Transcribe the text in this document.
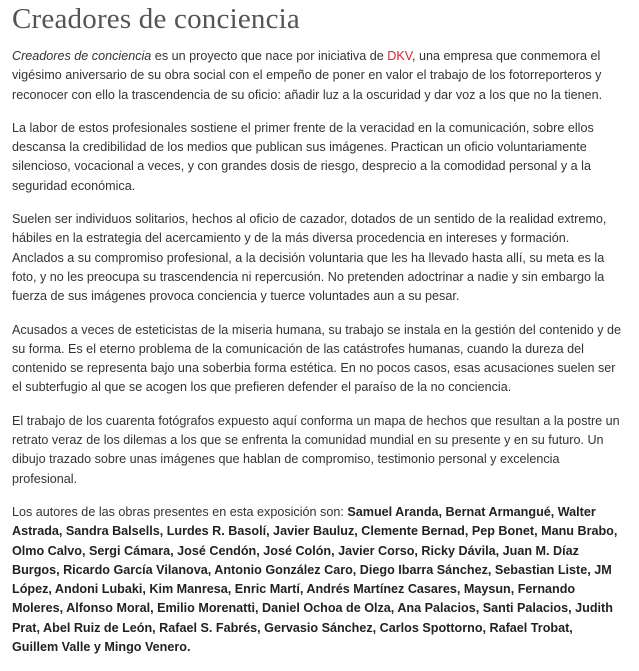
Creadores de conciencia

Creadores de conciencia es un proyecto que nace por iniciativa de DKV, una empresa que conmemora el vigésimo aniversario de su obra social con el empeño de poner en valor el trabajo de los fotorreporteros y reconocer con ello la trascendencia de su oficio: añadir luz a la oscuridad y dar voz a los que no la tienen.

La labor de estos profesionales sostiene el primer frente de la veracidad en la comunicación, sobre ellos descansa la credibilidad de los medios que publican sus imágenes. Practican un oficio voluntariamente silencioso, vocacional a veces, y con grandes dosis de riesgo, desprecio a la comodidad personal y a la seguridad económica.

Suelen ser individuos solitarios, hechos al oficio de cazador, dotados de un sentido de la realidad extremo, hábiles en la estrategia del acercamiento y de la más diversa procedencia en intereses y formación. Anclados a su compromiso profesional, a la decisión voluntaria que les ha llevado hasta allí, su meta es la foto, y no les preocupa su trascendencia ni repercusión. No pretenden adoctrinar a nadie y sin embargo la fuerza de sus imágenes provoca conciencia y tuerce voluntades aun a su pesar.

Acusados a veces de esteticistas de la miseria humana, su trabajo se instala en la gestión del contenido y de su forma. Es el eterno problema de la comunicación de las catástrofes humanas, cuando la dureza del contenido se representa bajo una soberbia forma estética. En no pocos casos, esas acusaciones suelen ser el subterfugio al que se acogen los que prefieren defender el paraíso de la no conciencia.

El trabajo de los cuarenta fotógrafos expuesto aquí conforma un mapa de hechos que resultan a la postre un retrato veraz de los dilemas a los que se enfrenta la comunidad mundial en su presente y en su futuro. Un dibujo trazado sobre unas imágenes que hablan de compromiso, testimonio personal y excelencia profesional.

Los autores de las obras presentes en esta exposición son: Samuel Aranda, Bernat Armangué, Walter Astrada, Sandra Balsells, Lurdes R. Basolí, Javier Bauluz, Clemente Bernad, Pep Bonet, Manu Brabo, Olmo Calvo, Sergi Cámara, José Cendón, José Colón, Javier Corso, Ricky Dávila, Juan M. Díaz Burgos, Ricardo García Vilanova, Antonio González Caro, Diego Ibarra Sánchez, Sebastian Liste, JM López, Andoni Lubaki, Kim Manresa, Enric Martí, Andrés Martínez Casares, Maysun, Fernando Moleres, Alfonso Moral, Emilio Morenatti, Daniel Ochoa de Olza, Ana Palacios, Santi Palacios, Judith Prat, Abel Ruiz de León, Rafael S. Fabrés, Gervasio Sánchez, Carlos Spottorno, Rafael Trobat, Guillem Valle y Mingo Venero.
